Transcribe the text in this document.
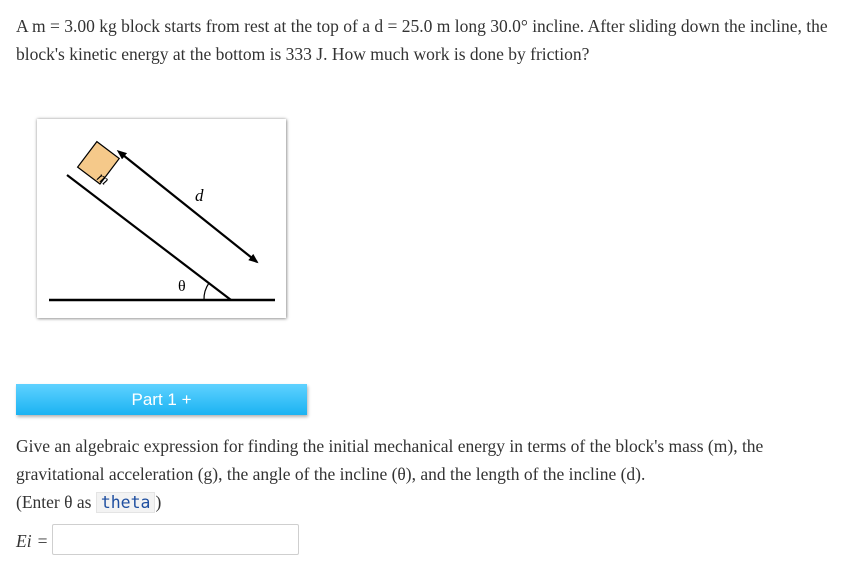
A m = 3.00 kg block starts from rest at the top of a d = 25.0 m long 30.0° incline. After sliding down the incline, the block's kinetic energy at the bottom is 333 J. How much work is done by friction?
m
d
θ
Part 1 +
Give an algebraic expression for finding the initial mechanical energy in terms of the block's mass (m), the gravitational acceleration (g), the angle of the incline (θ), and the length of the incline (d).
(Enter θ as theta )
Ei =
